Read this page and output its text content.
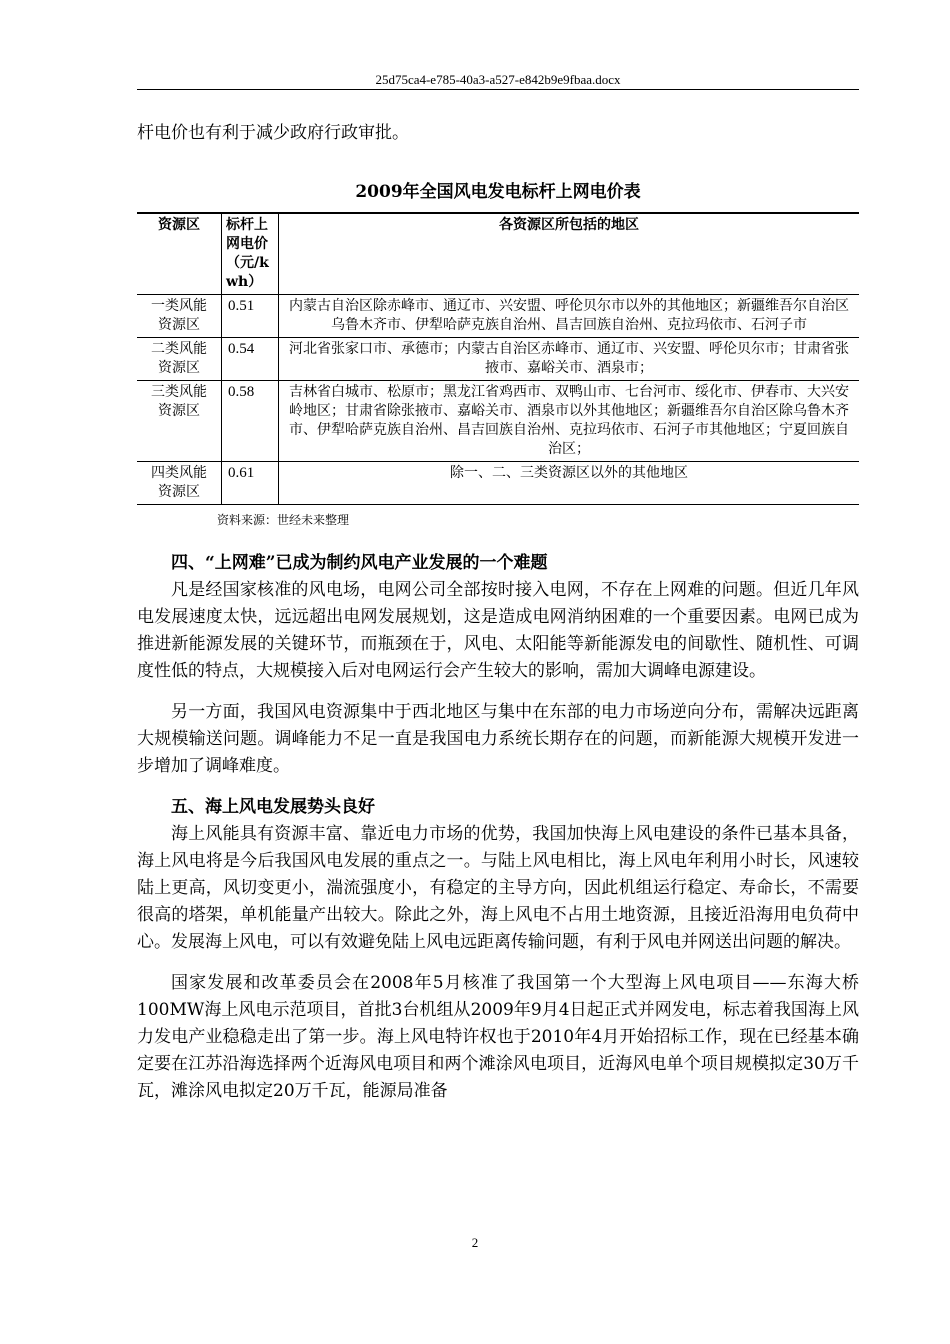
25d75ca4-e785-40a3-a527-e842b9e9fbaa.docx

杆电价也有利于减少政府行政审批。

2009年全国风电发电标杆上网电价表
资源区	标杆上网电价（元/kwh）	各资源区所包括的地区
一类风能资源区	0.51	内蒙古自治区除赤峰市、通辽市、兴安盟、呼伦贝尔市以外的其他地区；新疆维吾尔自治区乌鲁木齐市、伊犁哈萨克族自治州、昌吉回族自治州、克拉玛依市、石河子市
二类风能资源区	0.54	河北省张家口市、承德市；内蒙古自治区赤峰市、通辽市、兴安盟、呼伦贝尔市；甘肃省张掖市、嘉峪关市、酒泉市；
三类风能资源区	0.58	吉林省白城市、松原市；黑龙江省鸡西市、双鸭山市、七台河市、绥化市、伊春市、大兴安岭地区；甘肃省除张掖市、嘉峪关市、酒泉市以外其他地区；新疆维吾尔自治区除乌鲁木齐市、伊犁哈萨克族自治州、昌吉回族自治州、克拉玛依市、石河子市其他地区；宁夏回族自治区；
四类风能资源区	0.61	除一、二、三类资源区以外的其他地区
资料来源：世经未来整理
四、“上网难”已成为制约风电产业发展的一个难题

凡是经国家核准的风电场，电网公司全部按时接入电网，不存在上网难的问题。但近几年风电发展速度太快，远远超出电网发展规划，这是造成电网消纳困难的一个重要因素。电网已成为推进新能源发展的关键环节，而瓶颈在于，风电、太阳能等新能源发电的间歇性、随机性、可调度性低的特点，大规模接入后对电网运行会产生较大的影响，需加大调峰电源建设。

另一方面，我国风电资源集中于西北地区与集中在东部的电力市场逆向分布，需解决远距离大规模输送问题。调峰能力不足一直是我国电力系统长期存在的问题，而新能源大规模开发进一步增加了调峰难度。

五、海上风电发展势头良好

海上风能具有资源丰富、靠近电力市场的优势，我国加快海上风电建设的条件已基本具备，海上风电将是今后我国风电发展的重点之一。与陆上风电相比，海上风电年利用小时长，风速较陆上更高，风切变更小，湍流强度小，有稳定的主导方向，因此机组运行稳定、寿命长，不需要很高的塔架，单机能量产出较大。除此之外，海上风电不占用土地资源，且接近沿海用电负荷中心。发展海上风电，可以有效避免陆上风电远距离传输问题，有利于风电并网送出问题的解决。

国家发展和改革委员会在2008年5月核准了我国第一个大型海上风电项目——东海大桥100MW海上风电示范项目，首批3台机组从2009年9月4日起正式并网发电，标志着我国海上风力发电产业稳稳走出了第一步。海上风电特许权也于2010年4月开始招标工作，现在已经基本确定要在江苏沿海选择两个近海风电项目和两个滩涂风电项目，近海风电单个项目规模拟定30万千瓦，滩涂风电拟定20万千瓦，能源局准备

2
